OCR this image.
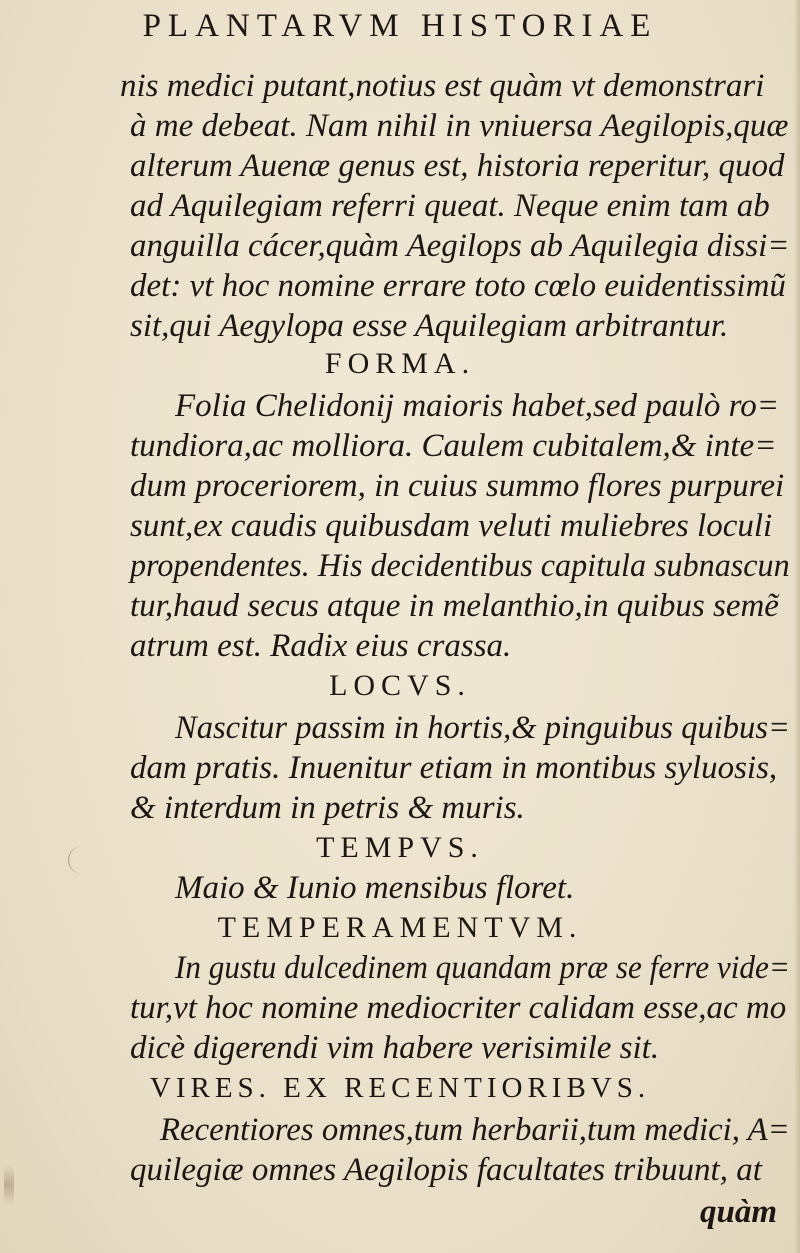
PLANTARVM HISTORIAE
nis medici putant,notius est quàm vt demonstrari
à me debeat. Nam nihil in vniuersa Aegilopis,quæ
alterum Auenæ genus est, historia reperitur, quod
ad Aquilegiam referri queat. Neque enim tam ab
anguilla cácer,quàm Aegilops ab Aquilegia dissi=
det: vt hoc nomine errare toto cœlo euidentissimũ
sit,qui Aegylopa esse Aquilegiam arbitrantur.
FORMA.
Folia Chelidonij maioris habet,sed paulò ro=
tundiora,ac molliora. Caulem cubitalem,& inte=
dum proceriorem, in cuius summo flores purpurei
sunt,ex caudis quibusdam veluti muliebres loculi
propendentes. His decidentibus capitula subnascun
tur,haud secus atque in melanthio,in quibus semẽ
atrum est. Radix eius crassa.
LOCVS.
Nascitur passim in hortis,& pinguibus quibus=
dam pratis. Inuenitur etiam in montibus syluosis,
& interdum in petris & muris.
TEMPVS.
Maio & Iunio mensibus floret.
TEMPERAMENTVM.
In gustu dulcedinem quandam præ se ferre vide=
tur,vt hoc nomine mediocriter calidam esse,ac mo
dicè digerendi vim habere verisimile sit.
VIRES. EX RECENTIORIBVS.
Recentiores omnes,tum herbarii,tum medici, A=
quilegiæ omnes Aegilopis facultates tribuunt, at
quàm
